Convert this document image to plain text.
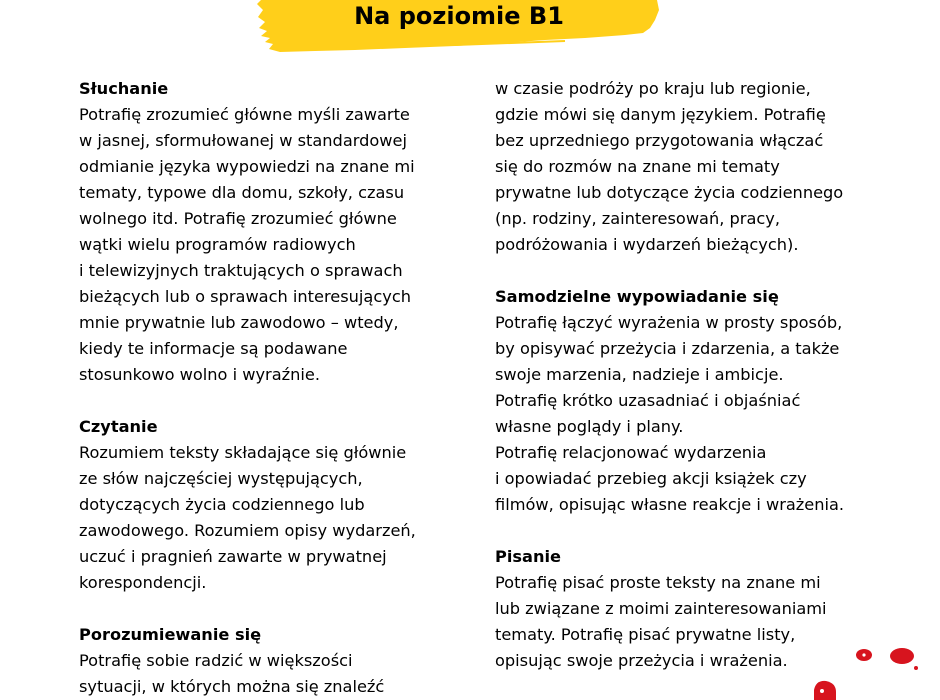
Na poziomie B1
Słuchanie
Potrafię zrozumieć główne myśli zawarte
w jasnej, sformułowanej w standardowej
odmianie języka wypowiedzi na znane mi
tematy, typowe dla domu, szkoły, czasu
wolnego itd. Potrafię zrozumieć główne
wątki wielu programów radiowych
i telewizyjnych traktujących o sprawach
bieżących lub o sprawach interesujących
mnie prywatnie lub zawodowo – wtedy,
kiedy te informacje są podawane
stosunkowo wolno i wyraźnie.
Czytanie
Rozumiem teksty składające się głównie
ze słów najczęściej występujących,
dotyczących życia codziennego lub
zawodowego. Rozumiem opisy wydarzeń,
uczuć i pragnień zawarte w prywatnej
korespondencji.
Porozumiewanie się
Potrafię sobie radzić w większości
sytuacji, w których można się znaleźć
w czasie podróży po kraju lub regionie,
gdzie mówi się danym językiem. Potrafię
bez uprzedniego przygotowania włączać
się do rozmów na znane mi tematy
prywatne lub dotyczące życia codziennego
(np. rodziny, zainteresowań, pracy,
podróżowania i wydarzeń bieżących).
Samodzielne wypowiadanie się
Potrafię łączyć wyrażenia w prosty sposób,
by opisywać przeżycia i zdarzenia, a także
swoje marzenia, nadzieje i ambicje.
Potrafię krótko uzasadniać i objaśniać
własne poglądy i plany.
Potrafię relacjonować wydarzenia
i opowiadać przebieg akcji książek czy
filmów, opisując własne reakcje i wrażenia.
Pisanie
Potrafię pisać proste teksty na znane mi
lub związane z moimi zainteresowaniami
tematy. Potrafię pisać prywatne listy,
opisując swoje przeżycia i wrażenia.
